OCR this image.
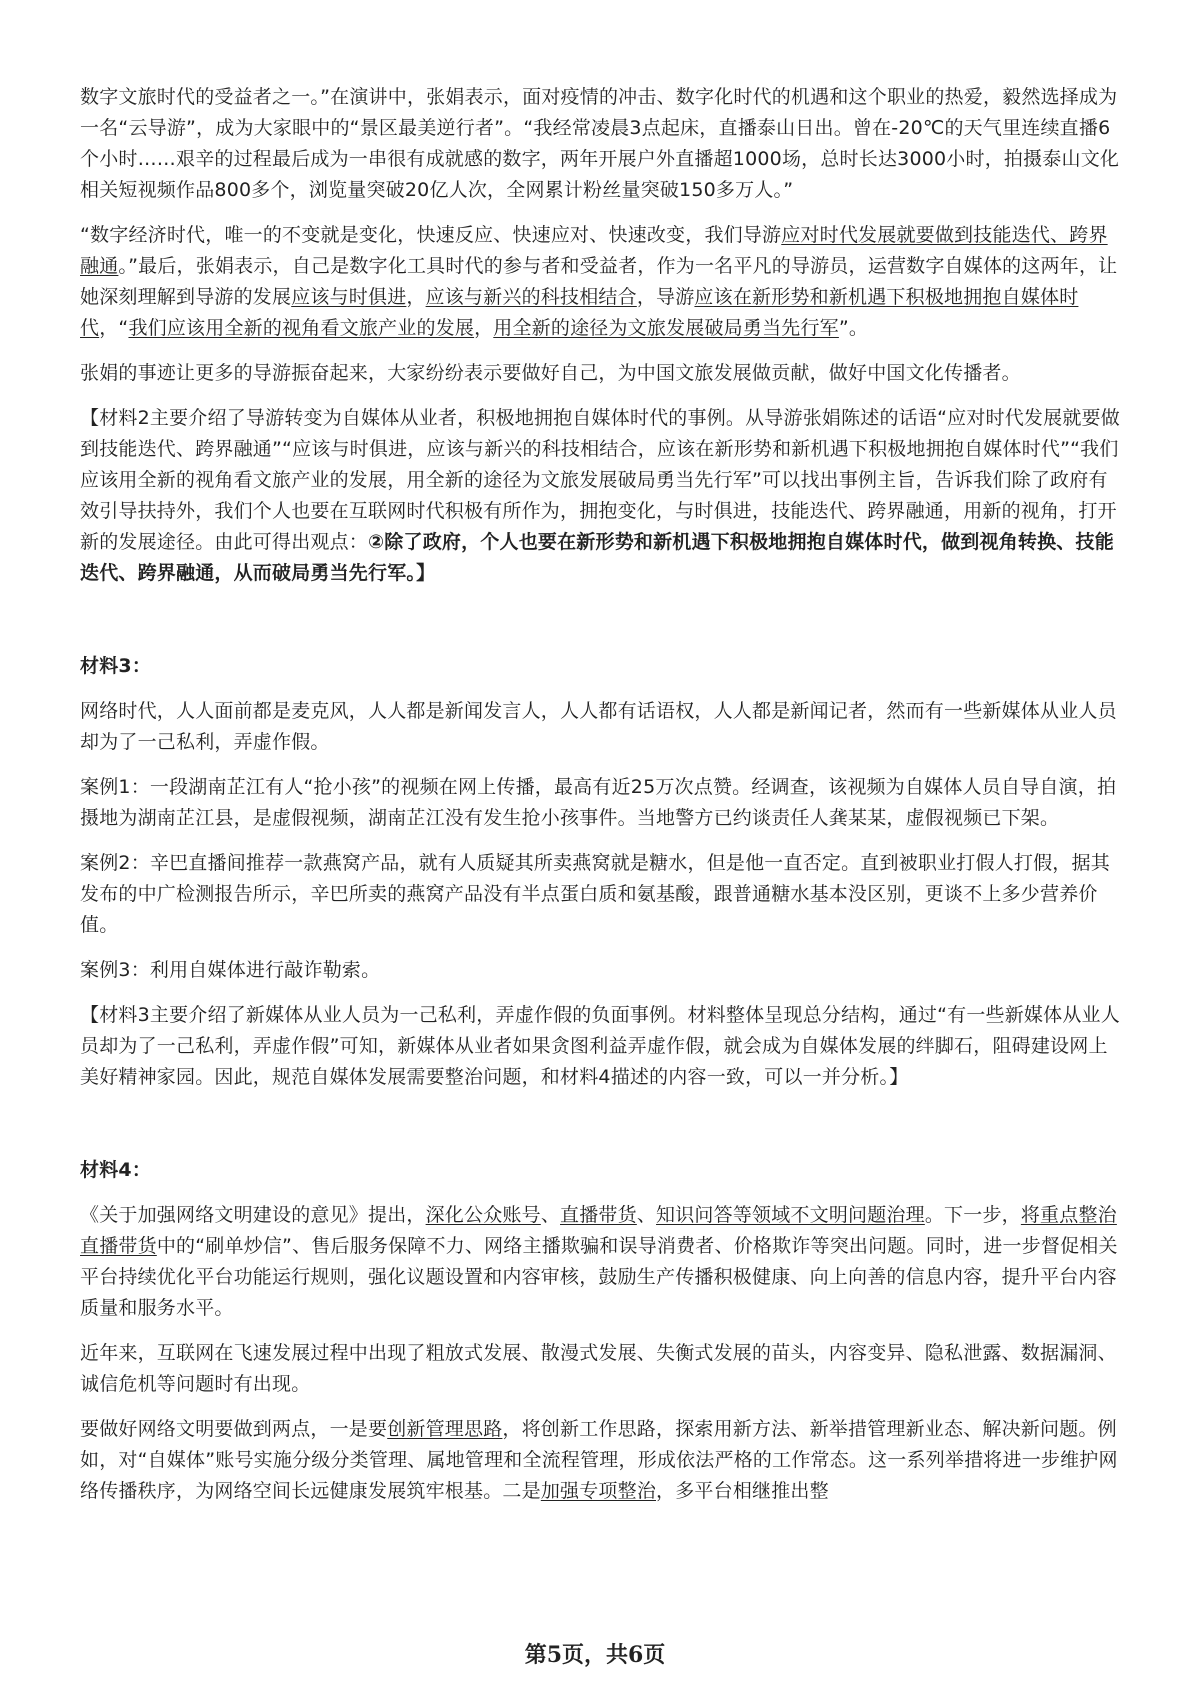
数字文旅时代的受益者之一。”在演讲中，张娟表示，面对疫情的冲击、数字化时代的机遇和这个职业的热爱，毅然选择成为一名“云导游”，成为大家眼中的“景区最美逆行者”。“我经常凌晨3点起床，直播泰山日出。曾在-20℃的天气里连续直播6个小时……艰辛的过程最后成为一串很有成就感的数字，两年开展户外直播超1000场，总时长达3000小时，拍摄泰山文化相关短视频作品800多个，浏览量突破20亿人次，全网累计粉丝量突破150多万人。”

“数字经济时代，唯一的不变就是变化，快速反应、快速应对、快速改变，我们导游应对时代发展就要做到技能迭代、跨界融通。”最后，张娟表示，自己是数字化工具时代的参与者和受益者，作为一名平凡的导游员，运营数字自媒体的这两年，让她深刻理解到导游的发展应该与时俱进，应该与新兴的科技相结合，导游应该在新形势和新机遇下积极地拥抱自媒体时代，“我们应该用全新的视角看文旅产业的发展，用全新的途径为文旅发展破局勇当先行军”。

张娟的事迹让更多的导游振奋起来，大家纷纷表示要做好自己，为中国文旅发展做贡献，做好中国文化传播者。

【材料2主要介绍了导游转变为自媒体从业者，积极地拥抱自媒体时代的事例。从导游张娟陈述的话语“应对时代发展就要做到技能迭代、跨界融通”“应该与时俱进，应该与新兴的科技相结合，应该在新形势和新机遇下积极地拥抱自媒体时代”“我们应该用全新的视角看文旅产业的发展，用全新的途径为文旅发展破局勇当先行军”可以找出事例主旨，告诉我们除了政府有效引导扶持外，我们个人也要在互联网时代积极有所作为，拥抱变化，与时俱进，技能迭代、跨界融通，用新的视角，打开新的发展途径。由此可得出观点：②除了政府，个人也要在新形势和新机遇下积极地拥抱自媒体时代，做到视角转换、技能迭代、跨界融通，从而破局勇当先行军。】

材料3：

网络时代，人人面前都是麦克风，人人都是新闻发言人，人人都有话语权，人人都是新闻记者，然而有一些新媒体从业人员却为了一己私利，弄虚作假。

案例1：一段湖南芷江有人“抢小孩”的视频在网上传播，最高有近25万次点赞。经调查，该视频为自媒体人员自导自演，拍摄地为湖南芷江县，是虚假视频，湖南芷江没有发生抢小孩事件。当地警方已约谈责任人龚某某，虚假视频已下架。

案例2：辛巴直播间推荐一款燕窝产品，就有人质疑其所卖燕窝就是糖水，但是他一直否定。直到被职业打假人打假，据其发布的中广检测报告所示，辛巴所卖的燕窝产品没有半点蛋白质和氨基酸，跟普通糖水基本没区别，更谈不上多少营养价值。

案例3：利用自媒体进行敲诈勒索。

【材料3主要介绍了新媒体从业人员为一己私利，弄虚作假的负面事例。材料整体呈现总分结构，通过“有一些新媒体从业人员却为了一己私利，弄虚作假”可知，新媒体从业者如果贪图利益弄虚作假，就会成为自媒体发展的绊脚石，阻碍建设网上美好精神家园。因此，规范自媒体发展需要整治问题，和材料4描述的内容一致，可以一并分析。】

材料4：

《关于加强网络文明建设的意见》提出，深化公众账号、直播带货、知识问答等领域不文明问题治理。下一步，将重点整治直播带货中的“刷单炒信”、售后服务保障不力、网络主播欺骗和误导消费者、价格欺诈等突出问题。同时，进一步督促相关平台持续优化平台功能运行规则，强化议题设置和内容审核，鼓励生产传播积极健康、向上向善的信息内容，提升平台内容质量和服务水平。

近年来，互联网在飞速发展过程中出现了粗放式发展、散漫式发展、失衡式发展的苗头，内容变异、隐私泄露、数据漏洞、诚信危机等问题时有出现。

要做好网络文明要做到两点，一是要创新管理思路，将创新工作思路，探索用新方法、新举措管理新业态、解决新问题。例如，对“自媒体”账号实施分级分类管理、属地管理和全流程管理，形成依法严格的工作常态。这一系列举措将进一步维护网络传播秩序，为网络空间长远健康发展筑牢根基。二是加强专项整治，多平台相继推出整

第5页，共6页
